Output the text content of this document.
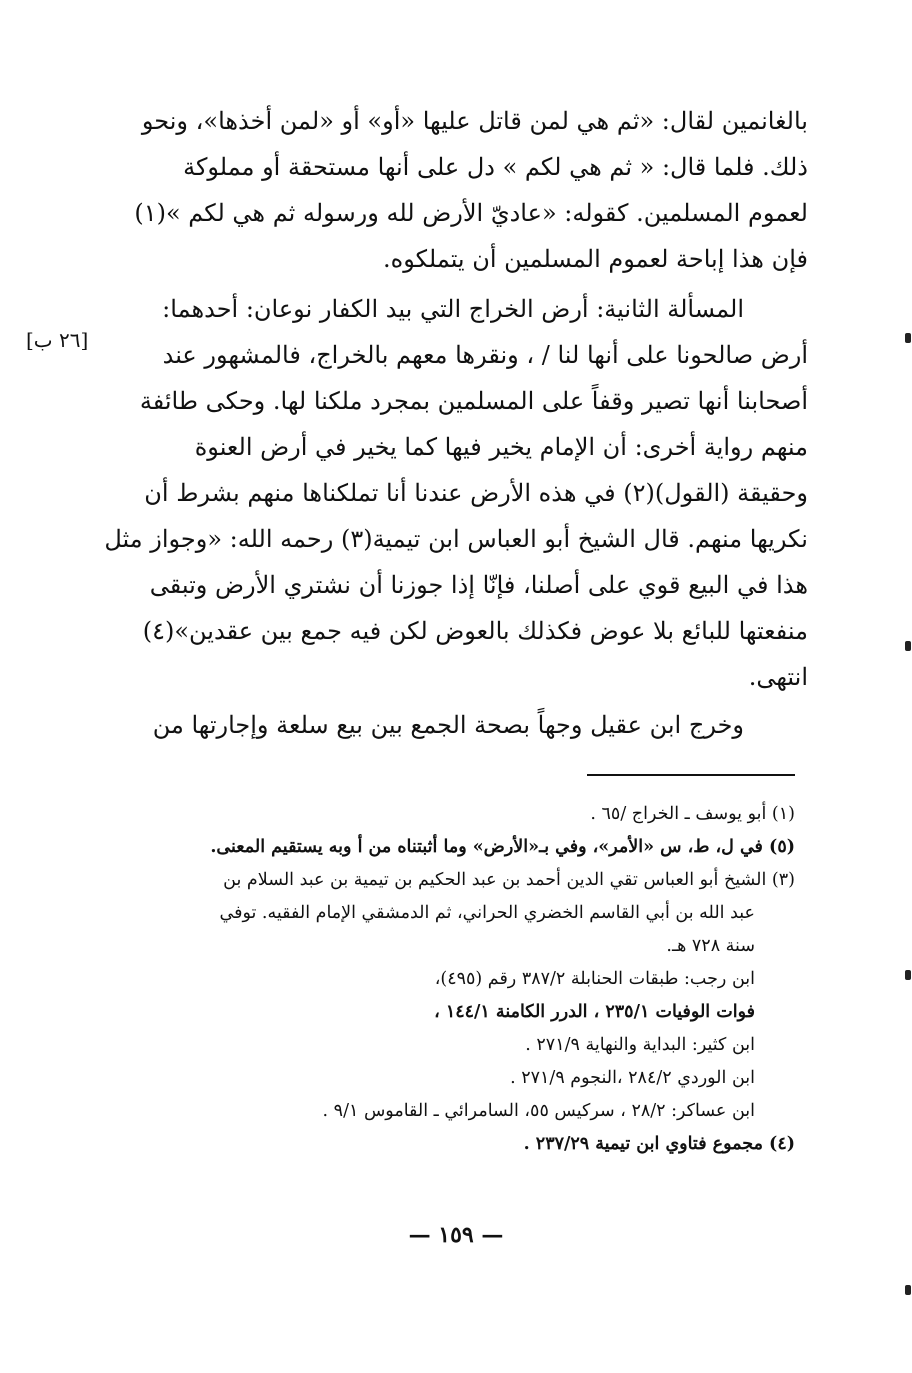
بالغانمين لقال: «ثم هي لمن قاتل عليها «أو» أو «لمن أخذها»، ونحو
ذلك. فلما قال: « ثم هي لكم » دل على أنها مستحقة أو مملوكة
لعموم المسلمين. كقوله: «عاديّ الأرض لله ورسوله ثم هي لكم »(١)
فإن هذا إباحة لعموم المسلمين أن يتملكوه.
المسألة الثانية: أرض الخراج التي بيد الكفار نوعان: أحدهما:
أرض صالحونا على أنها لنا / ، ونقرها معهم بالخراج، فالمشهور عند
أصحابنا أنها تصير وقفاً على المسلمين بمجرد ملكنا لها. وحكى طائفة
منهم رواية أخرى: أن الإمام يخير فيها كما يخير في أرض العنوة
وحقيقة (القول)(٢) في هذه الأرض عندنا أنا تملكناها منهم بشرط أن
نكريها منهم. قال الشيخ أبو العباس ابن تيمية(٣) رحمه الله: «وجواز مثل
هذا في البيع قوي على أصلنا، فإنّا إذا جوزنا أن نشتري الأرض وتبقى
منفعتها للبائع بلا عوض فكذلك بالعوض لكن فيه جمع بين عقدين»(٤)
انتهى.
[٢٦ ب]
وخرج ابن عقيل وجهاً بصحة الجمع بين بيع سلعة وإجارتها من
(١) أبو يوسف ـ الخراج /٦٥ .
(٥) في ل، ط، س «الأمر»، وفي بـ«الأرض» وما أثبتناه من أ وبه يستقيم المعنى.
(٣) الشيخ أبو العباس تقي الدين أحمد بن عبد الحكيم بن تيمية بن عبد السلام بن
عبد الله بن أبي القاسم الخضري الحراني، ثم الدمشقي الإمام الفقيه. توفي
سنة ٧٢٨ هـ.
ابن رجب: طبقات الحنابلة ٣٨٧/٢ رقم (٤٩٥)،
فوات الوفيات ٢٣٥/١ ، الدرر الكامنة ١٤٤/١ ،
ابن كثير: البداية والنهاية ٢٧١/٩ .
ابن الوردي ٢٨٤/٢ ،النجوم ٢٧١/٩ .
ابن عساكر: ٢٨/٢ ، سركيس ٥٥، السامرائي ـ القاموس ٩/١ .
(٤) مجموع فتاوي ابن تيمية ٢٣٧/٢٩ .
— ١٥٩ —
